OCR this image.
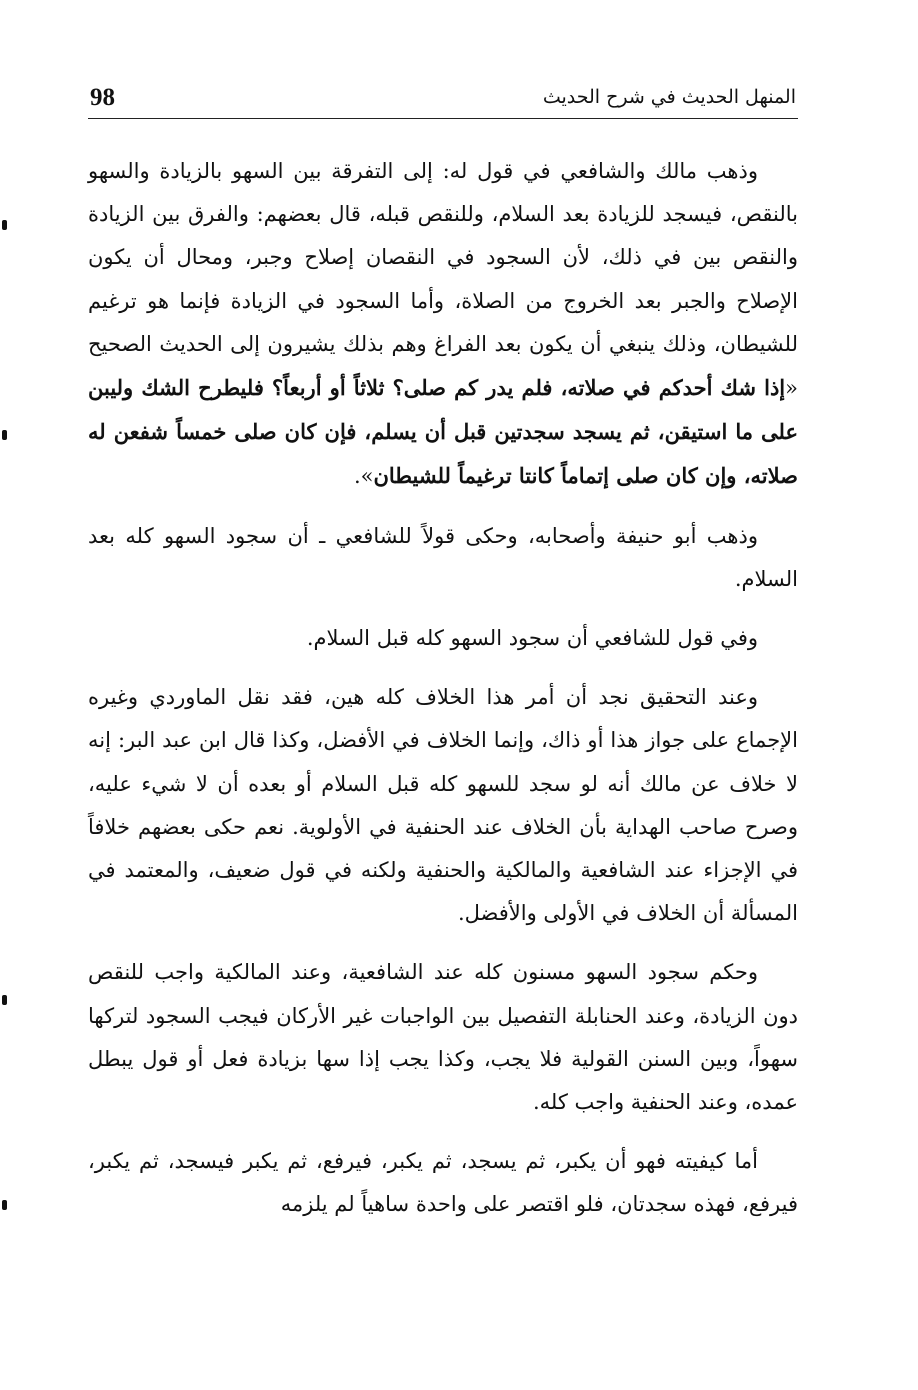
98	المنهل الحديث في شرح الحديث

وذهب مالك والشافعي في قول له: إلى التفرقة بين السهو بالزيادة والسهو بالنقص، فيسجد للزيادة بعد السلام، وللنقص قبله، قال بعضهم: والفرق بين الزيادة والنقص بين في ذلك، لأن السجود في النقصان إصلاح وجبر، ومحال أن يكون الإصلاح والجبر بعد الخروج من الصلاة، وأما السجود في الزيادة فإنما هو ترغيم للشيطان، وذلك ينبغي أن يكون بعد الفراغ وهم بذلك يشيرون إلى الحديث الصحيح «إذا شك أحدكم في صلاته، فلم يدر كم صلى؟ ثلاثاً أو أربعاً؟ فليطرح الشك وليبن على ما استيقن، ثم يسجد سجدتين قبل أن يسلم، فإن كان صلى خمساً شفعن له صلاته، وإن كان صلى إتماماً كانتا ترغيماً للشيطان».

وذهب أبو حنيفة وأصحابه، وحكى قولاً للشافعي ـ أن سجود السهو كله بعد السلام.

وفي قول للشافعي أن سجود السهو كله قبل السلام.

وعند التحقيق نجد أن أمر هذا الخلاف كله هين، فقد نقل الماوردي وغيره الإجماع على جواز هذا أو ذاك، وإنما الخلاف في الأفضل، وكذا قال ابن عبد البر: إنه لا خلاف عن مالك أنه لو سجد للسهو كله قبل السلام أو بعده أن لا شيء عليه، وصرح صاحب الهداية بأن الخلاف عند الحنفية في الأولوية. نعم حكى بعضهم خلافاً في الإجزاء عند الشافعية والمالكية والحنفية ولكنه في قول ضعيف، والمعتمد في المسألة أن الخلاف في الأولى والأفضل.

وحكم سجود السهو مسنون كله عند الشافعية، وعند المالكية واجب للنقص دون الزيادة، وعند الحنابلة التفصيل بين الواجبات غير الأركان فيجب السجود لتركها سهواً، وبين السنن القولية فلا يجب، وكذا يجب إذا سها بزيادة فعل أو قول يبطل عمده، وعند الحنفية واجب كله.

أما كيفيته فهو أن يكبر، ثم يسجد، ثم يكبر، فيرفع، ثم يكبر فيسجد، ثم يكبر، فيرفع، فهذه سجدتان، فلو اقتصر على واحدة ساهياً لم يلزمه
